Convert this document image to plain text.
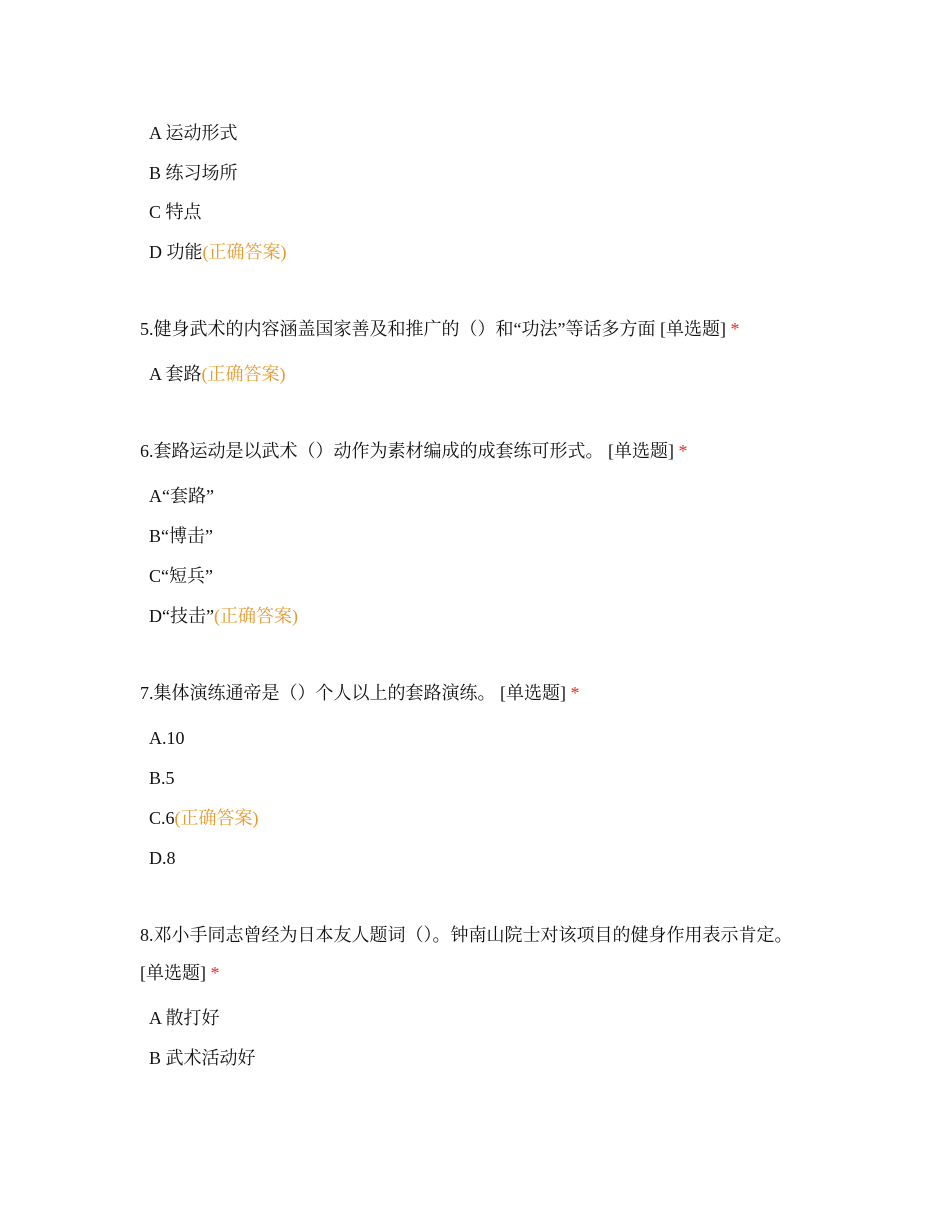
A 运动形式
B 练习场所
C 特点
D 功能(正确答案)
5.健身武术的内容涵盖国家善及和推广的（）和“功法”等话多方面 [单选题] *
A 套路(正确答案)
6.套路运动是以武术（）动作为素材编成的成套练可形式。 [单选题] *
A“套路”
B“博击”
C“短兵”
D“技击”(正确答案)
7.集体演练通帝是（）个人以上的套路演练。 [单选题] *
A.10
B.5
C.6(正确答案)
D.8
8.邓小手同志曾经为日本友人题词（）。钟南山院士对该项目的健身作用表示肯定。 [单选题] *
A 散打好
B 武术活动好
